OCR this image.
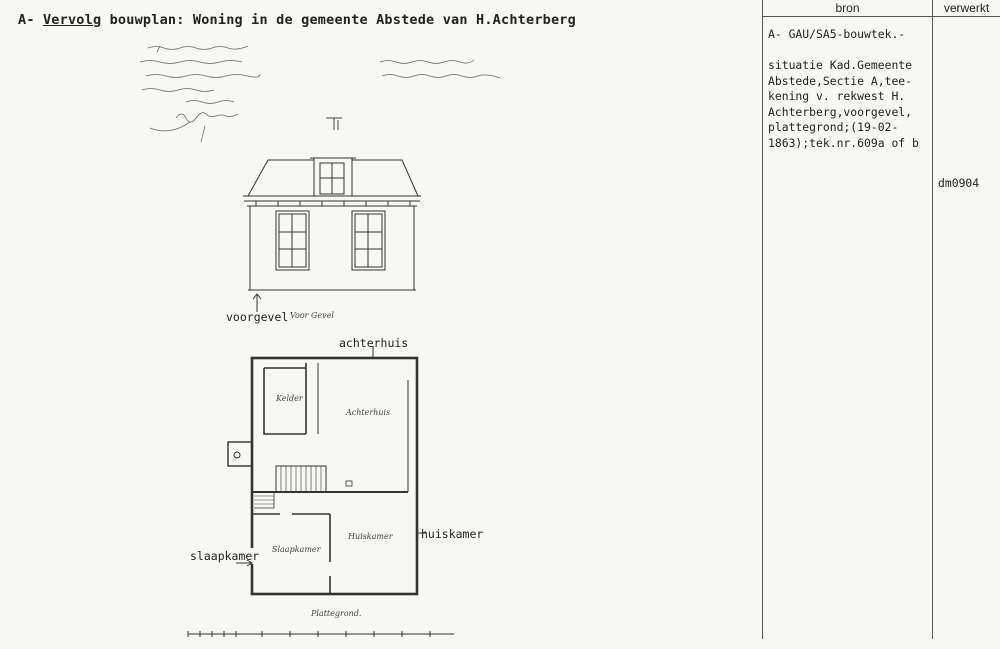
A- Vervolg bouwplan: Woning in de gemeente Abstede van H.Achterberg
bron	verwerkt
A- GAU/SA5-bouwtek.-

situatie Kad.Gemeente
Abstede,Sectie A,tee-
kening v. rekwest H.
Achterberg,voorgevel,
plattegrond;(19-02-
1863);tek.nr.609a of b
dm0904
voorgevel
achterhuis
huiskamer
slaapkamer
Voor Gevel
Plattegrond.
Achterhuis
Huiskamer
Slaapkamer
Kelder
